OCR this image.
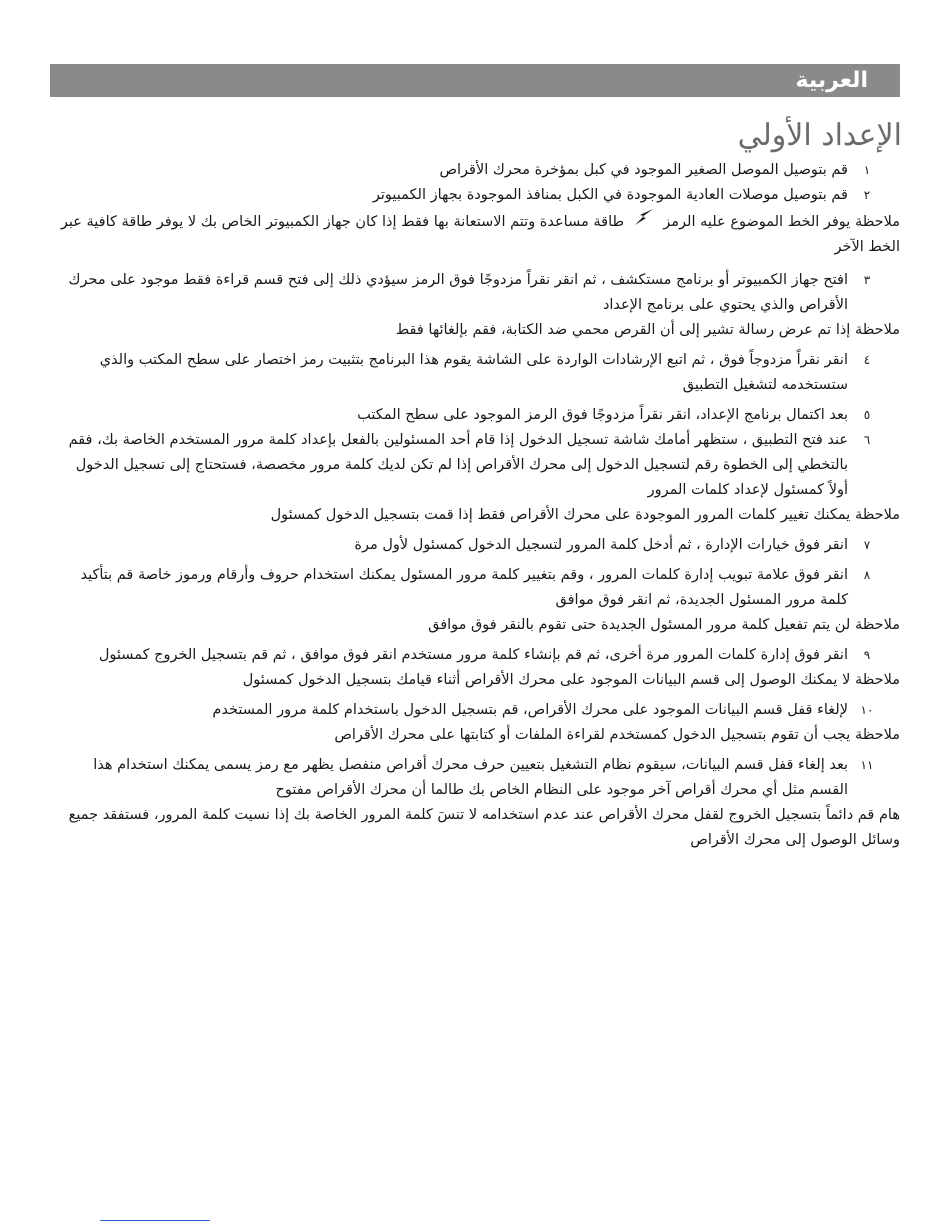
العربية
الإعداد الأولي
١
قم بتوصيل الموصل الصغير الموجود في كبل بمؤخرة محرك الأقراص
٢
قم بتوصيل موصلات العادية الموجودة في الكبل بمنافذ الموجودة بجهاز الكمبيوتر
ملاحظة يوفر الخط الموضوع عليه الرمز  طاقة مساعدة وتتم الاستعانة بها فقط إذا كان جهاز الكمبيوتر الخاص بك لا يوفر طاقة كافية عبر الخط الآخر
٣
افتح جهاز الكمبيوتر أو برنامج مستكشف ، ثم انقر نقراً مزدوجًا فوق الرمز سيؤدي ذلك إلى فتح قسم قراءة فقط موجود على محرك الأقراص والذي يحتوي على برنامج الإعداد
ملاحظة إذا تم عرض رسالة تشير إلى أن القرص محمي ضد الكتابة، فقم بإلغائها فقط
٤
انقر نقراً مزدوجاً فوق ، ثم اتبع الإرشادات الواردة على الشاشة يقوم هذا البرنامج بتثبيت رمز اختصار على سطح المكتب والذي ستستخدمه لتشغيل التطبيق
٥
بعد اكتمال برنامج الإعداد، انقر نقراً مزدوجًا فوق الرمز الموجود على سطح المكتب
٦
عند فتح التطبيق ، ستظهر أمامك شاشة تسجيل الدخول إذا قام أحد المسئولين بالفعل بإعداد كلمة مرور المستخدم الخاصة بك، فقم بالتخطي إلى الخطوة رقم لتسجيل الدخول إلى محرك الأقراص إذا لم تكن لديك كلمة مرور مخصصة، فستحتاج إلى تسجيل الدخول أولاً كمسئول لإعداد كلمات المرور
ملاحظة يمكنك تغيير كلمات المرور الموجودة على محرك الأقراص فقط إذا قمت بتسجيل الدخول كمسئول
٧
انقر فوق خيارات الإدارة ، ثم أدخل كلمة المرور لتسجيل الدخول كمسئول لأول مرة
٨
انقر فوق علامة تبويب إدارة كلمات المرور ، وقم بتغيير كلمة مرور المسئول يمكنك استخدام حروف وأرقام ورموز خاصة قم بتأكيد كلمة مرور المسئول الجديدة، ثم انقر فوق موافق
ملاحظة لن يتم تفعيل كلمة مرور المسئول الجديدة حتى تقوم بالنقر فوق موافق
٩
انقر فوق إدارة كلمات المرور مرة أخرى، ثم قم بإنشاء كلمة مرور مستخدم انقر فوق موافق ، ثم قم بتسجيل الخروج كمسئول
ملاحظة لا يمكنك الوصول إلى قسم البيانات الموجود على محرك الأقراص أثناء قيامك بتسجيل الدخول كمسئول
١٠
لإلغاء قفل قسم البيانات الموجود على محرك الأقراص، قم بتسجيل الدخول باستخدام كلمة مرور المستخدم
ملاحظة يجب أن تقوم بتسجيل الدخول كمستخدم لقراءة الملفات أو كتابتها على محرك الأقراص
١١
بعد إلغاء قفل قسم البيانات، سيقوم نظام التشغيل بتعيين حرف محرك أقراص منفصل يظهر مع رمز يسمى يمكنك استخدام هذا القسم مثل أي محرك أقراص آخر موجود على النظام الخاص بك طالما أن محرك الأقراص مفتوح
هام قم دائماً بتسجيل الخروج لقفل محرك الأقراص عند عدم استخدامه لا تنسَ كلمة المرور الخاصة بك إذا نسيت كلمة المرور، فستفقد جميع وسائل الوصول إلى محرك الأقراص
